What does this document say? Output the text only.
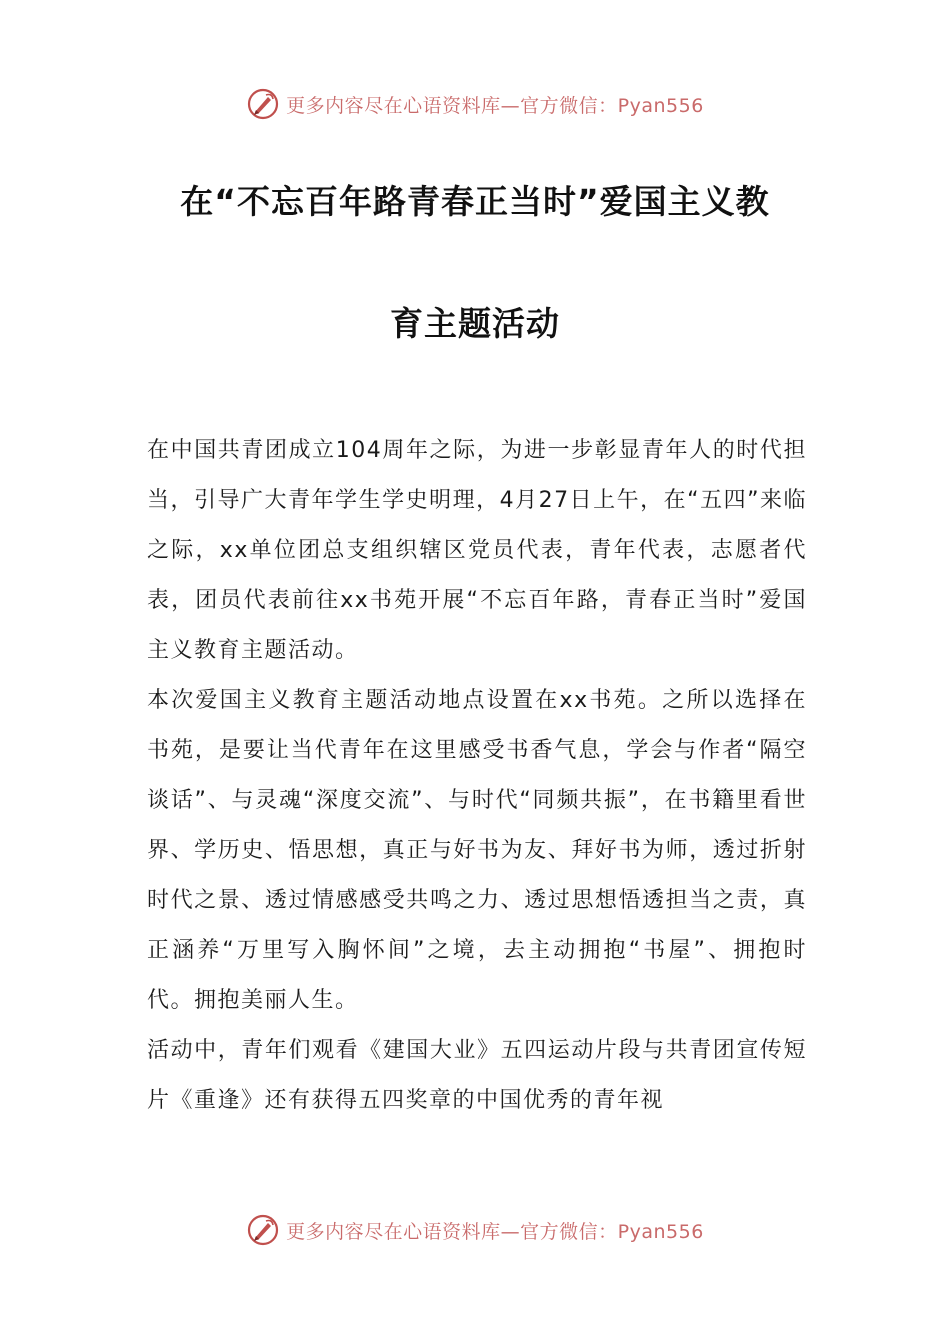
更多内容尽在心语资料库—官方微信：Pyan556
在“不忘百年路青春正当时”爱国主义教
育主题活动

在中国共青团成立104周年之际，为进一步彰显青年人的时代担当，引导广大青年学生学史明理，4月27日上午，在“五四”来临之际，xx单位团总支组织辖区党员代表，青年代表，志愿者代表，团员代表前往xx书苑开展“不忘百年路，青春正当时”爱国主义教育主题活动。

本次爱国主义教育主题活动地点设置在xx书苑。之所以选择在书苑，是要让当代青年在这里感受书香气息，学会与作者“隔空谈话”、与灵魂“深度交流”、与时代“同频共振”，在书籍里看世界、学历史、悟思想，真正与好书为友、拜好书为师，透过折射时代之景、透过情感感受共鸣之力、透过思想悟透担当之责，真正涵养“万里写入胸怀间”之境，去主动拥抱“书屋”、拥抱时代。拥抱美丽人生。

活动中，青年们观看《建国大业》五四运动片段与共青团宣传短片《重逢》还有获得五四奖章的中国优秀的青年视

更多内容尽在心语资料库—官方微信：Pyan556
